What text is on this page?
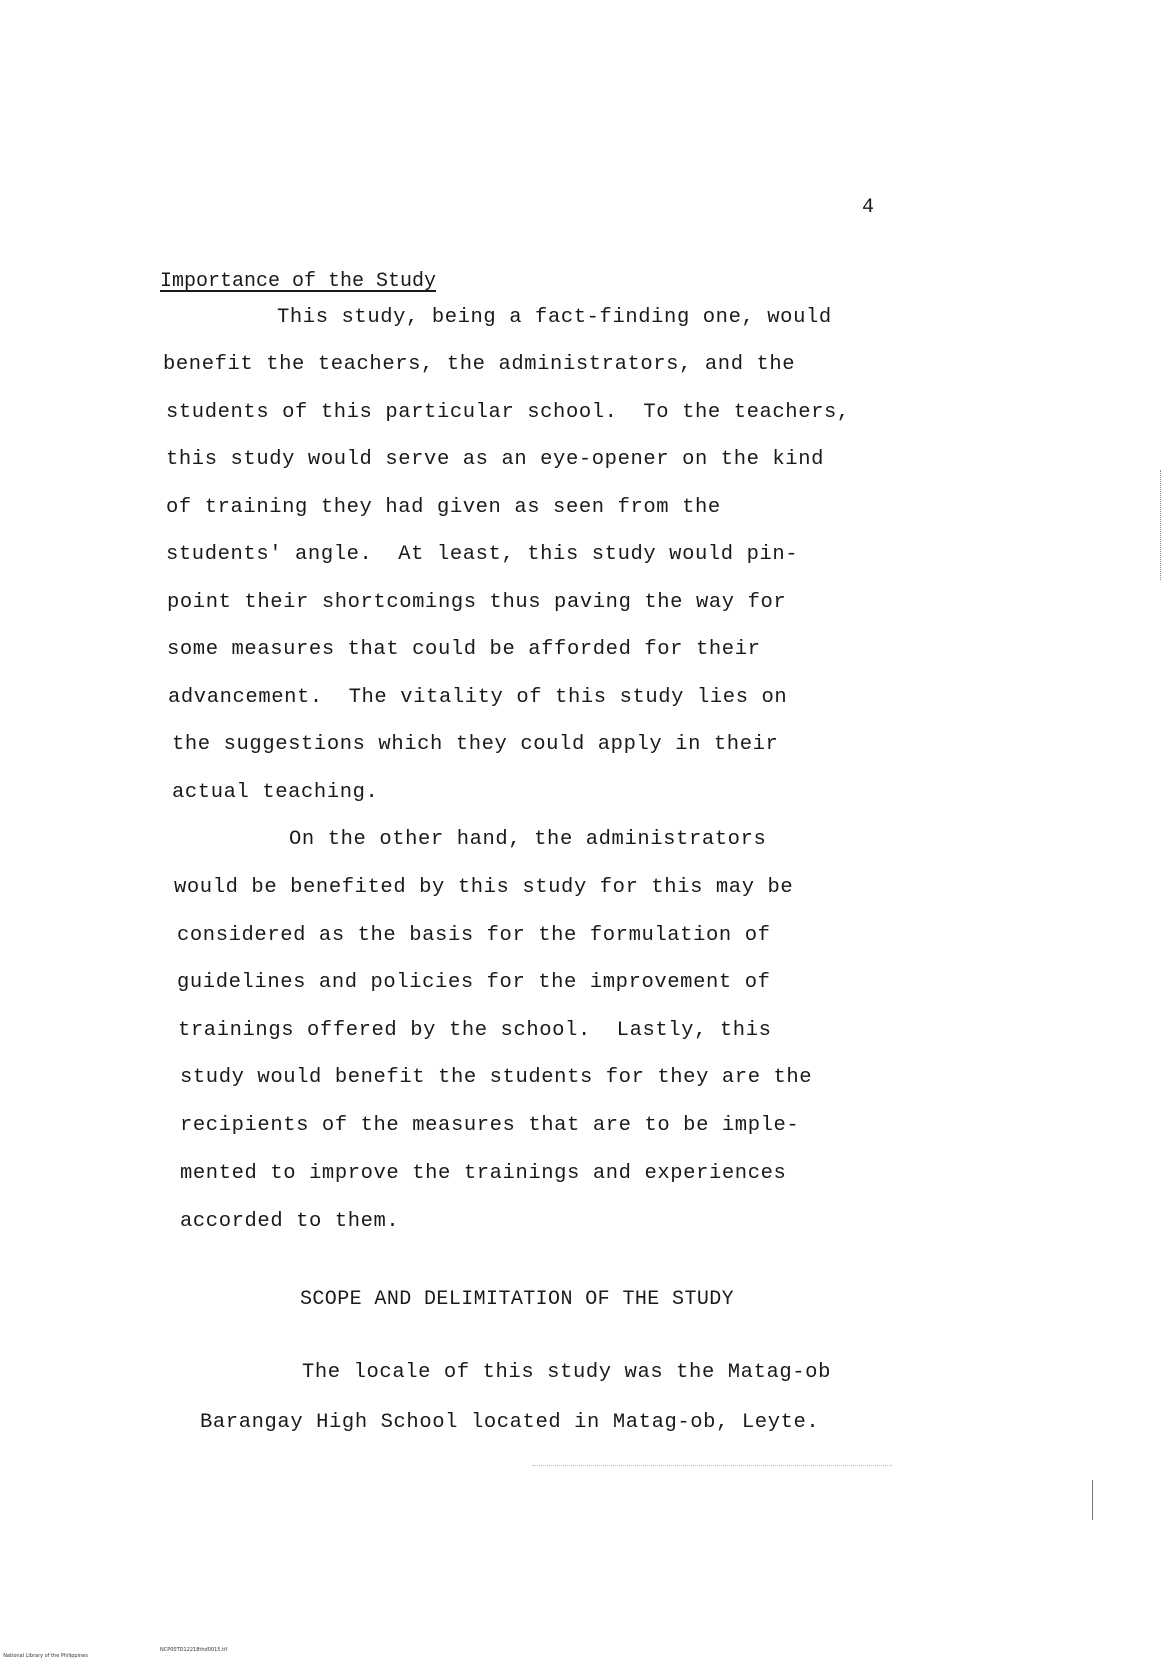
4
Importance of the Study
This study, being a fact-finding one, would
benefit the teachers, the administrators, and the
students of this particular school.  To the teachers,
this study would serve as an eye-opener on the kind
of training they had given as seen from the
students' angle.  At least, this study would pin-
point their shortcomings thus paving the way for
some measures that could be afforded for their
advancement.  The vitality of this study lies on
the suggestions which they could apply in their
actual teaching.
On the other hand, the administrators
would be benefited by this study for this may be
considered as the basis for the formulation of
guidelines and policies for the improvement of
trainings offered by the school.  Lastly, this
study would benefit the students for they are the
recipients of the measures that are to be imple-
mented to improve the trainings and experiences
accorded to them.
SCOPE AND DELIMITATION OF THE STUDY
The locale of this study was the Matag-ob
Barangay High School located in Matag-ob, Leyte.

National Library of the Philippines

NCP00TD12218thd0015.tif
